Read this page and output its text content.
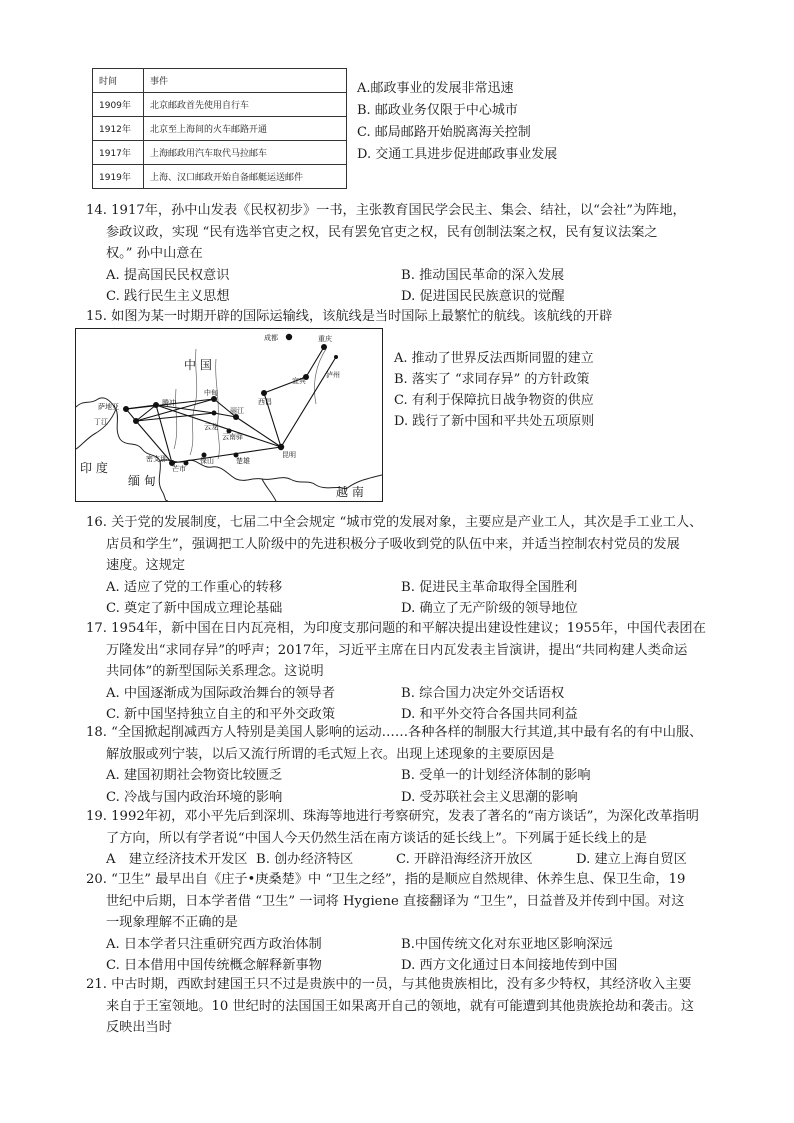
时间	事件
1909年	北京邮政首先使用自行车
1912年	北京至上海间的火车邮路开通
1917年	上海邮政用汽车取代马拉邮车
1919年	上海、汉口邮政开始自备邮艇运送邮件
A.邮政事业的发展非常迅速
B. 邮政业务仅限于中心城市
C. 邮局邮路开始脱离海关控制
D. 交通工具进步促进邮政事业发展
14. 1917年，孙中山发表《民权初步》一书，主张教育国民学会民主、集会、结社，以“会社”为阵地，
参政议政，实现 “民有选举官吏之权，民有罢免官吏之权，民有创制法案之权，民有复议法案之
权。” 孙中山意在
A. 提高国民民权意识	B. 推动国民革命的深入发展
C. 践行民生主义思想	D. 促进国民民族意识的觉醒
15. 如图为某一时期开辟的国际运输线，该航线是当时国际上最繁忙的航线。该航线的开辟
成都	重庆
中 国
泸州
宜宾
西昌
中甸
丽江
云龙
云南驿
昆明
楚雄
保山
芒市
密支那
萨地亚
丁江
腾冲
印 度
缅 甸
越 南
A. 推动了世界反法西斯同盟的建立
B. 落实了 “求同存异” 的方针政策
C. 有利于保障抗日战争物资的供应
D. 践行了新中国和平共处五项原则
16. 关于党的发展制度，七届二中全会规定 “城市党的发展对象，主要应是产业工人，其次是手工业工人、
店员和学生”，强调把工人阶级中的先进积极分子吸收到党的队伍中来，并适当控制农村党员的发展
速度。这规定
A. 适应了党的工作重心的转移	B. 促进民主革命取得全国胜利
C. 奠定了新中国成立理论基础	D. 确立了无产阶级的领导地位
17. 1954年，新中国在日内瓦亮相，为印度支那问题的和平解决提出建设性建议；1955年，中国代表团在
万隆发出“求同存异”的呼声；2017年，习近平主席在日内瓦发表主旨演讲，提出“共同构建人类命运
共同体”的新型国际关系理念。这说明
A. 中国逐渐成为国际政治舞台的领导者	B. 综合国力决定外交话语权
C. 新中国坚持独立自主的和平外交政策	D. 和平外交符合各国共同利益
18. “全国掀起削减西方人特别是美国人影响的运动……各种各样的制服大行其道,其中最有名的有中山服、
解放服或列宁装，以后又流行所谓的毛式短上衣。出现上述现象的主要原因是
A. 建国初期社会物资比较匮乏	B. 受单一的计划经济体制的影响
C. 冷战与国内政治环境的影响	D. 受苏联社会主义思潮的影响
19. 1992年初，邓小平先后到深圳、珠海等地进行考察研究，发表了著名的“南方谈话”，为深化改革指明
了方向，所以有学者说“中国人今天仍然生活在南方谈话的延长线上”。下列属于延长线上的是
A　建立经济技术开发区 B. 创办经济特区	C. 开辟沿海经济开放区	D. 建立上海自贸区
20. “卫生” 最早出自《庄子•庚桑楚》中 “卫生之经”，指的是顺应自然规律、休养生息、保卫生命，19
世纪中后期，日本学者借 “卫生” 一词将 Hygiene 直接翻译为 “卫生”，日益普及并传到中国。对这
一现象理解不正确的是
A. 日本学者只注重研究西方政治体制	B.中国传统文化对东亚地区影响深远
C. 日本借用中国传统概念解释新事物	D. 西方文化通过日本间接地传到中国
21. 中古时期，西欧封建国王只不过是贵族中的一员，与其他贵族相比，没有多少特权，其经济收入主要
来自于王室领地。10 世纪时的法国国王如果离开自己的领地，就有可能遭到其他贵族抢劫和袭击。这
反映出当时
